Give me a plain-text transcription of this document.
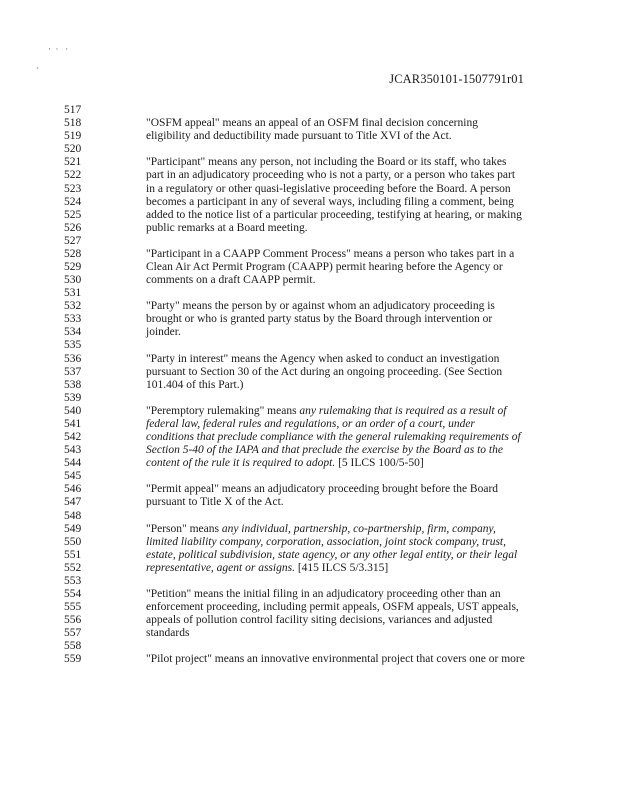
·  ·   ·
`
JCAR350101-1507791r01
517
518	"OSFM appeal" means an appeal of an OSFM final decision concerning
519	eligibility and deductibility made pursuant to Title XVI of the Act.
520
521	"Participant" means any person, not including the Board or its staff, who takes
522	part in an adjudicatory proceeding who is not a party, or a person who takes part
523	in a regulatory or other quasi-legislative proceeding before the Board. A person
524	becomes a participant in any of several ways, including filing a comment, being
525	added to the notice list of a particular proceeding, testifying at hearing, or making
526	public remarks at a Board meeting.
527
528	"Participant in a CAAPP Comment Process" means a person who takes part in a
529	Clean Air Act Permit Program (CAAPP) permit hearing before the Agency or
530	comments on a draft CAAPP permit.
531
532	"Party" means the person by or against whom an adjudicatory proceeding is
533	brought or who is granted party status by the Board through intervention or
534	joinder.
535
536	"Party in interest" means the Agency when asked to conduct an investigation
537	pursuant to Section 30 of the Act during an ongoing proceeding. (See Section
538	101.404 of this Part.)
539
540	"Peremptory rulemaking" means any rulemaking that is required as a result of
541	federal law, federal rules and regulations, or an order of a court, under
542	conditions that preclude compliance with the general rulemaking requirements of
543	Section 5-40 of the IAPA and that preclude the exercise by the Board as to the
544	content of the rule it is required to adopt. [5 ILCS 100/5-50]
545
546	"Permit appeal" means an adjudicatory proceeding brought before the Board
547	pursuant to Title X of the Act.
548
549	"Person" means any individual, partnership, co-partnership, firm, company,
550	limited liability company, corporation, association, joint stock company, trust,
551	estate, political subdivision, state agency, or any other legal entity, or their legal
552	representative, agent or assigns. [415 ILCS 5/3.315]
553
554	"Petition" means the initial filing in an adjudicatory proceeding other than an
555	enforcement proceeding, including permit appeals, OSFM appeals, UST appeals,
556	appeals of pollution control facility siting decisions, variances and adjusted
557	standards
558
559	"Pilot project" means an innovative environmental project that covers one or more
